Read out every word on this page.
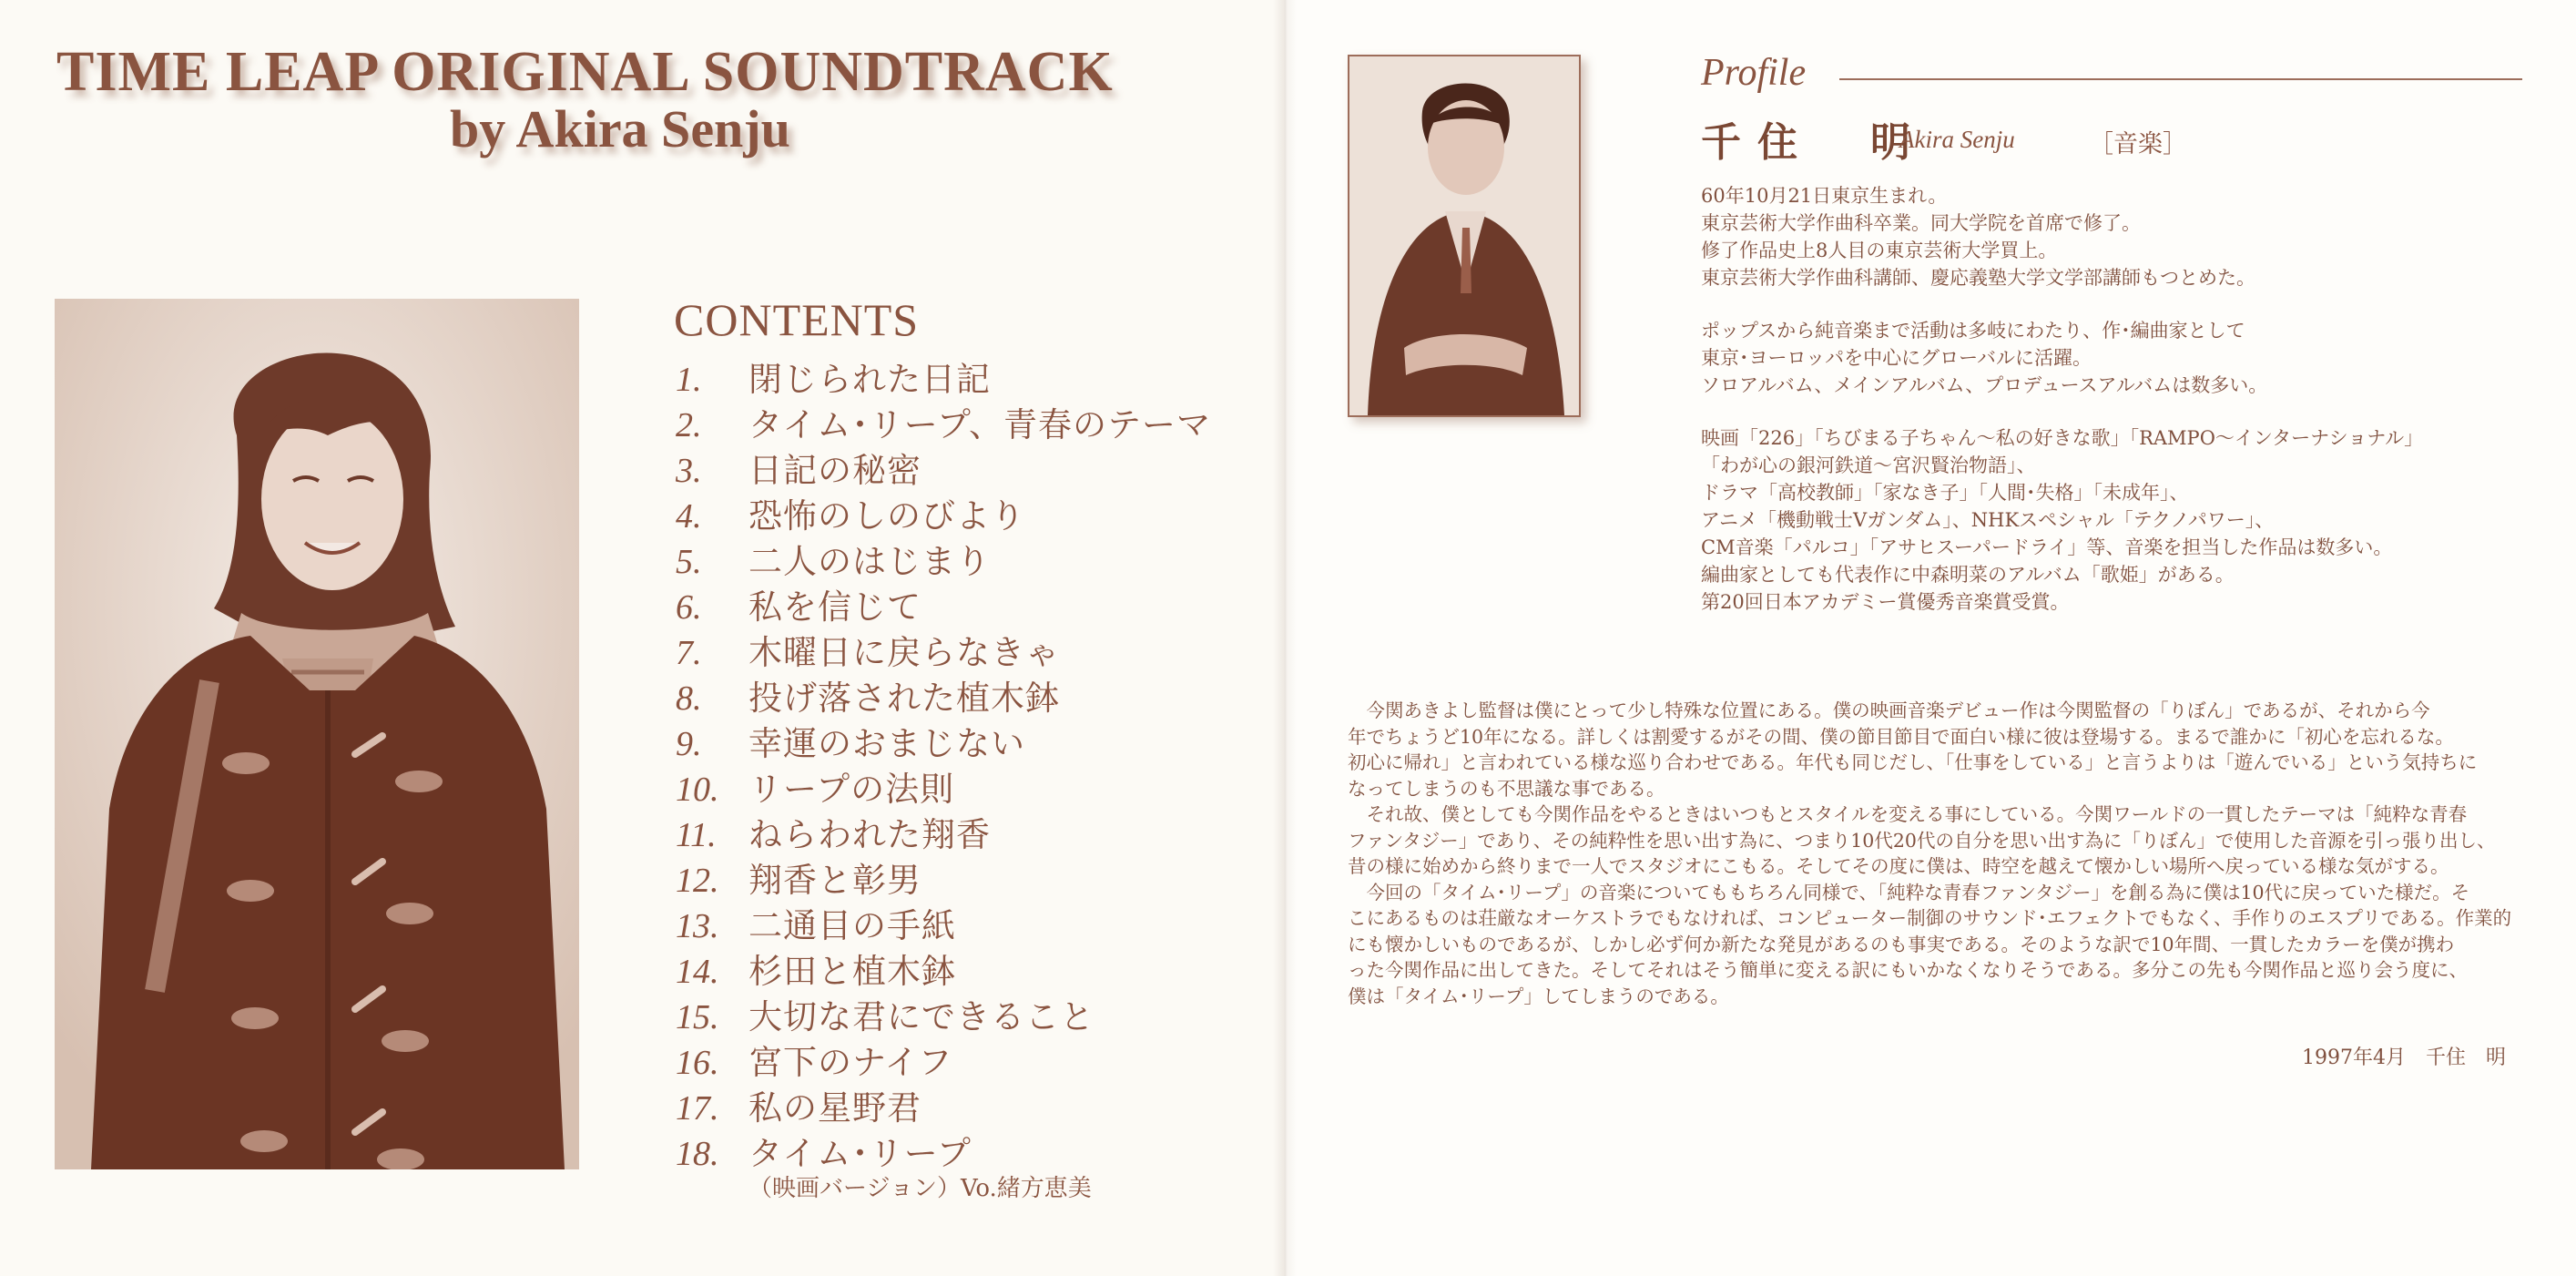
TIME LEAP ORIGINAL SOUNDTRACK
by Akira Senju
CONTENTS
1.	閉じられた日記
2.	タイム･リープ、青春のテーマ
3.	日記の秘密
4.	恐怖のしのびより
5.	二人のはじまり
6.	私を信じて
7.	木曜日に戻らなきゃ
8.	投げ落された植木鉢
9.	幸運のおまじない
10. リープの法則
11. ねらわれた翔香
12. 翔香と彰男
13. 二通目の手紙
14. 杉田と植木鉢
15. 大切な君にできること
16. 宮下のナイフ
17. 私の星野君
18. タイム･リープ
（映画バージョン）Vo.緒方恵美
Profile
千住　明
Akira Senju	［音楽］
60年10月21日東京生まれ。
東京芸術大学作曲科卒業。同大学院を首席で修了。
修了作品史上8人目の東京芸術大学買上。
東京芸術大学作曲科講師、慶応義塾大学文学部講師もつとめた。
ポップスから純音楽まで活動は多岐にわたり、作･編曲家として
東京･ヨーロッパを中心にグローバルに活躍。
ソロアルバム、メインアルバム、プロデュースアルバムは数多い。
映画「226」「ちびまる子ちゃん～私の好きな歌」「RAMPO～インターナショナル」
「わが心の銀河鉄道～宮沢賢治物語」、
ドラマ「高校教師」「家なき子」「人間･失格」「未成年」、
アニメ「機動戦士Vガンダム」、NHKスペシャル「テクノパワー」、
CM音楽「パルコ」「アサヒスーパードライ」等、音楽を担当した作品は数多い。
編曲家としても代表作に中森明菜のアルバム「歌姫」がある。
第20回日本アカデミー賞優秀音楽賞受賞。

　今関あきよし監督は僕にとって少し特殊な位置にある。僕の映画音楽デビュー作は今関監督の「りぼん」であるが、それから今

年でちょうど10年になる。詳しくは割愛するがその間、僕の節目節目で面白い様に彼は登場する。まるで誰かに「初心を忘れるな。

初心に帰れ」と言われている様な巡り合わせである。年代も同じだし、「仕事をしている」と言うよりは「遊んでいる」という気持ちに

なってしまうのも不思議な事である。

　それ故、僕としても今関作品をやるときはいつもとスタイルを変える事にしている。今関ワールドの一貫したテーマは「純粋な青春

ファンタジー」であり、その純粋性を思い出す為に、つまり10代20代の自分を思い出す為に「りぼん」で使用した音源を引っ張り出し、

昔の様に始めから終りまで一人でスタジオにこもる。そしてその度に僕は、時空を越えて懐かしい場所へ戻っている様な気がする。

　今回の「タイム･リープ」の音楽についてももちろん同様で、「純粋な青春ファンタジー」を創る為に僕は10代に戻っていた様だ。そ

こにあるものは荘厳なオーケストラでもなければ、コンピューター制御のサウンド･エフェクトでもなく、手作りのエスプリである。作業的

にも懐かしいものであるが、しかし必ず何か新たな発見があるのも事実である。そのような訳で10年間、一貫したカラーを僕が携わ

った今関作品に出してきた。そしてそれはそう簡単に変える訳にもいかなくなりそうである。多分この先も今関作品と巡り会う度に、

僕は「タイム･リープ」してしまうのである。

1997年4月　千住　明
